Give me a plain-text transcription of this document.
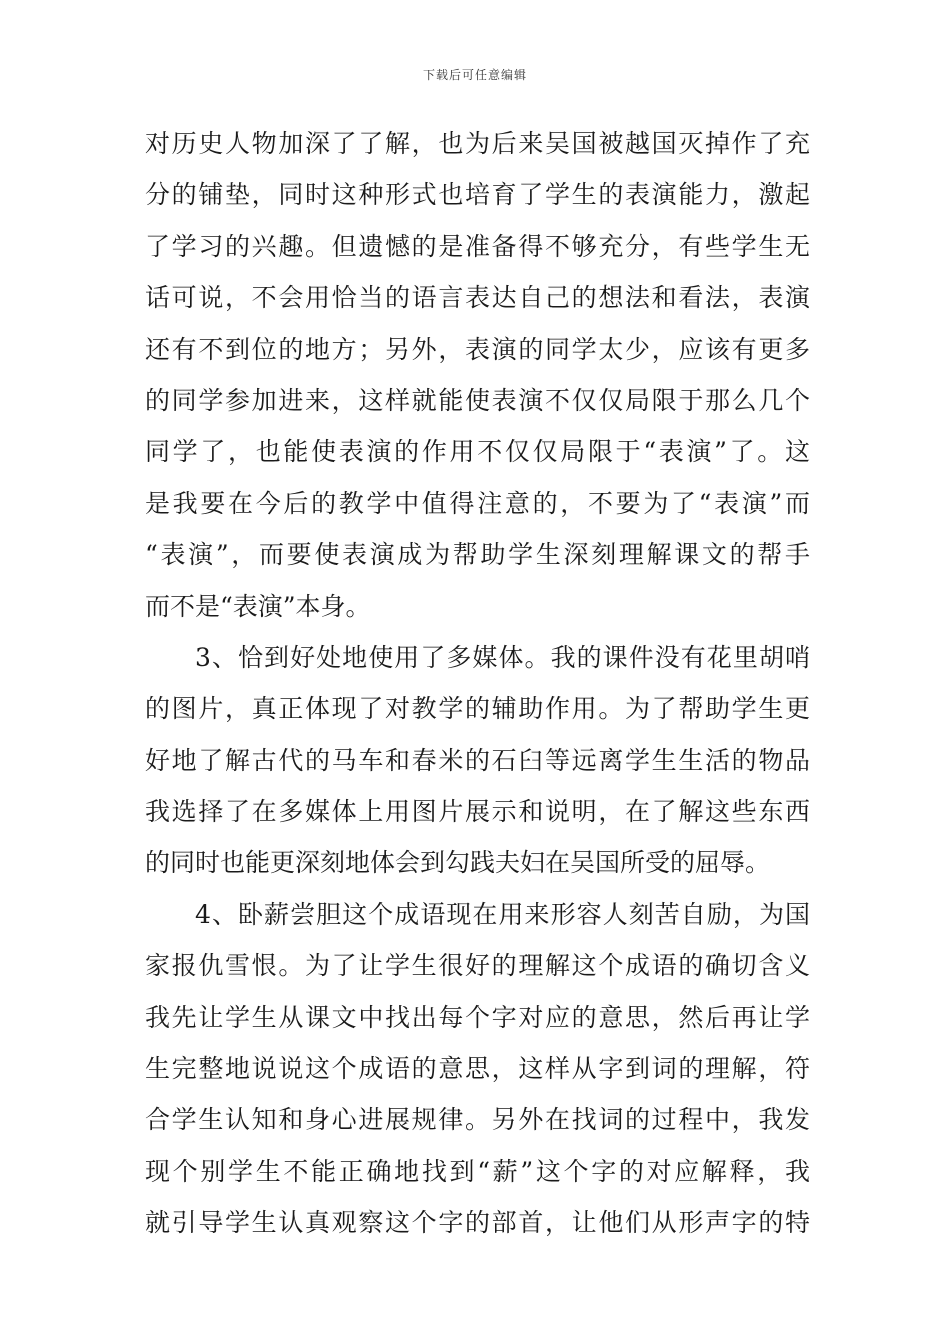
下载后可任意编辑
对历史人物加深了了解，也为后来吴国被越国灭掉作了充
分的铺垫，同时这种形式也培育了学生的表演能力，激起
了学习的兴趣。但遗憾的是准备得不够充分，有些学生无
话可说，不会用恰当的语言表达自己的想法和看法，表演
还有不到位的地方；另外，表演的同学太少，应该有更多
的同学参加进来，这样就能使表演不仅仅局限于那么几个
同学了，也能使表演的作用不仅仅局限于“表演”了。这
是我要在今后的教学中值得注意的，不要为了“表演”而
“表演”，而要使表演成为帮助学生深刻理解课文的帮手
而不是“表演”本身。
3、恰到好处地使用了多媒体。我的课件没有花里胡哨
的图片，真正体现了对教学的辅助作用。为了帮助学生更
好地了解古代的马车和春米的石臼等远离学生生活的物品
我选择了在多媒体上用图片展示和说明，在了解这些东西
的同时也能更深刻地体会到勾践夫妇在吴国所受的屈辱。
4、卧薪尝胆这个成语现在用来形容人刻苦自励，为国
家报仇雪恨。为了让学生很好的理解这个成语的确切含义
我先让学生从课文中找出每个字对应的意思，然后再让学
生完整地说说这个成语的意思，这样从字到词的理解，符
合学生认知和身心进展规律。另外在找词的过程中，我发
现个别学生不能正确地找到“薪”这个字的对应解释，我
就引导学生认真观察这个字的部首，让他们从形声字的特
